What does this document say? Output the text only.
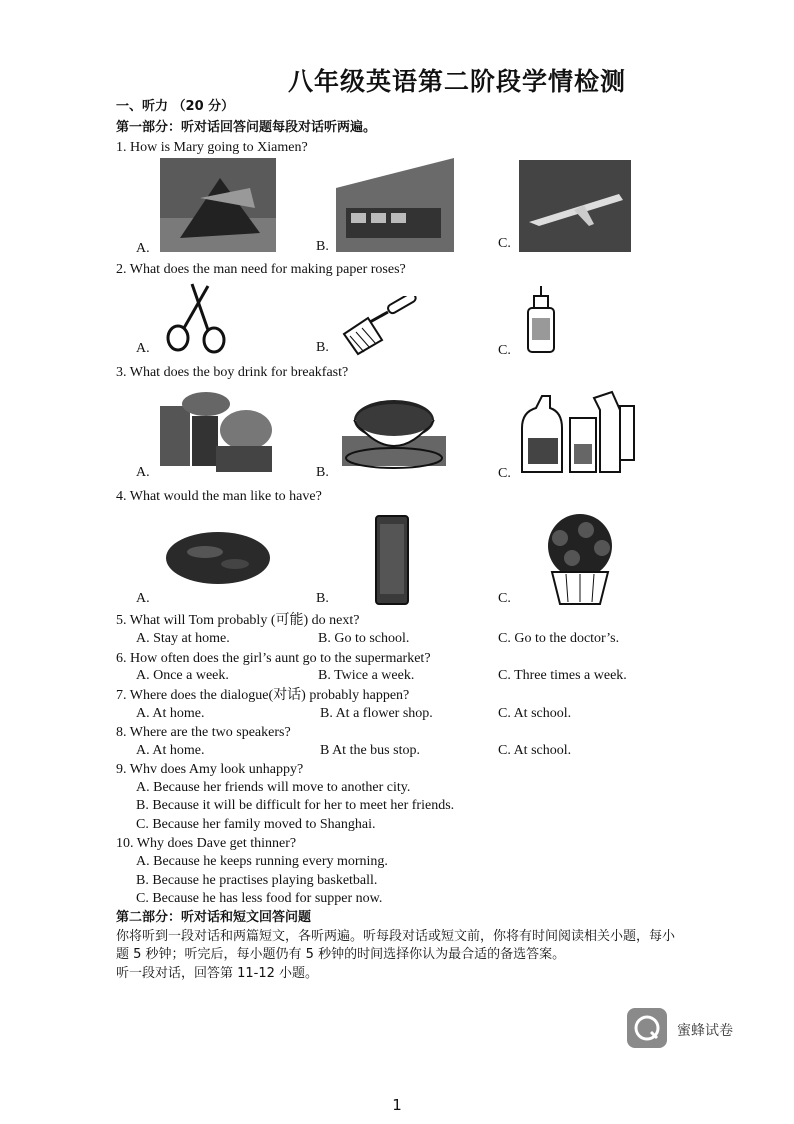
八年级英语第二阶段学情检测
一、听力 （20 分）
第一部分：听对话回答问题每段对话听两遍。
1. How is Mary going to Xiamen?
A.	B.	C.
2. What does the man need for making paper roses?
A.	B.	C.
3. What does the boy drink for breakfast?
A.	B.	C.
4. What would the man like to have?
A.	B.	C.
5. What will Tom probably (可能) do next?
A. Stay at home.	B. Go to school.	C. Go to the doctor’s.
6. How often does the girl’s aunt go to the supermarket?
A. Once a week.	B. Twice a week.	C. Three times a week.
7. Where does the dialogue(对话) probably happen?
A. At home.	B. At a flower shop.	C. At school.
8. Where are the two speakers?
A. At home.	B At the bus stop.	C. At school.
9. Whv does Amy look unhappy?
A. Because her friends will move to another city.
B. Because it will be difficult for her to meet her friends.
C. Because her family moved to Shanghai.
10. Why does Dave get thinner?
A. Because he keeps running every morning.
B. Because he practises playing basketball.
C. Because he has less food for supper now.
第二部分：听对话和短文回答问题
你将听到一段对话和两篇短文，各听两遍。听每段对话或短文前，你将有时间阅读相关小题，每小
题 5 秒钟；听完后，每小题仍有 5 秒钟的时间选择你认为最合适的备选答案。
听一段对话，回答第 11-12 小题。
蜜蜂试卷
1
